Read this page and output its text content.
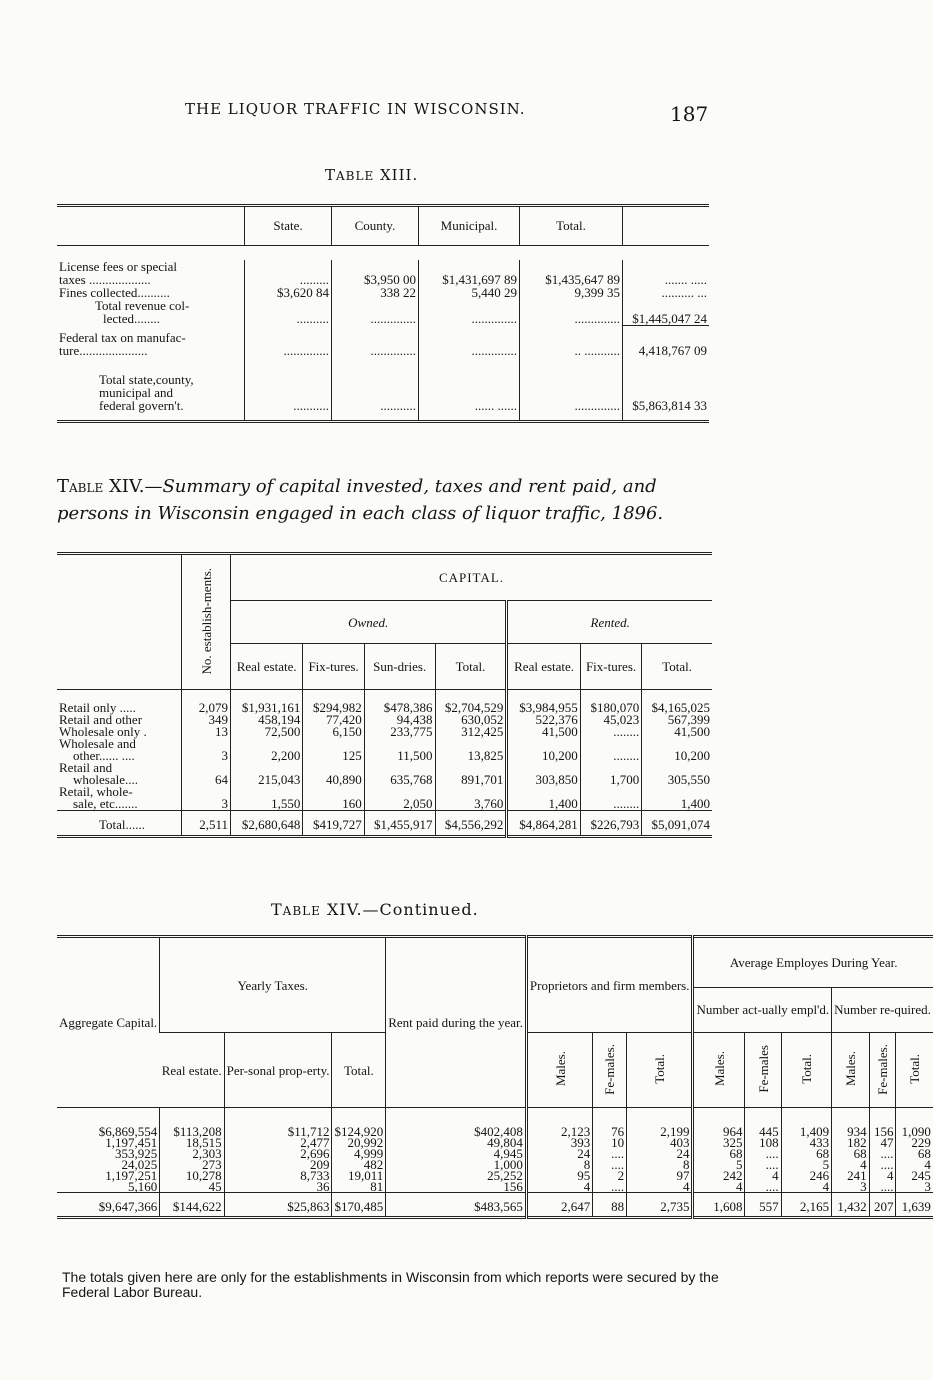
THE LIQUOR TRAFFIC IN WISCONSIN.	187
TABLE XIII.
	State.	County.	Municipal.	Total.	

License fees or special
taxes ...................	.........	$3,950 00	$1,431,697 89	$1,435,647 89	....... .....
Fines collected..........	$3,620 84	338 22	5,440 29	9,399 35	.......... ...

Total revenue col-
lected........	..........	..............	..............	..............	$1,445,047 24

Federal tax on manufac-
ture.....................	..............	..............	..............	.. ...........	4,418,767 09

Total state,county,
municipal and
federal govern't.	...........	...........	...... ......	..............	$5,863,814 33
TABLE XIV.—Summary of capital invested, taxes and rent paid, and persons in Wisconsin engaged in each class of liquor traffic, 1896.
	No. establish-ments.	CAPITAL.						
		Owned.				Rented.		
		Real estate.	Fix-tures.	Sun-dries.	Total.	Real estate.	Fix-tures.	Total.

Retail only .....	2,079	$1,931,161	$294,982	$478,386	$2,704,529	$3,984,955	$180,070	$4,165,025
Retail and other	349	458,194	77,420	94,438	630,052	522,376	45,023	567,399
Wholesale only .	13	72,500	6,150	233,775	312,425	41,500	........	41,500

Wholesale and
other...... ....	3	2,200	125	11,500	13,825	10,200	........	10,200

Retail and
wholesale....	64	215,043	40,890	635,768	891,701	303,850	1,700	305,550

Retail, whole-
sale, etc.......	3	1,550	160	2,050	3,760	1,400	........	1,400
Total......	2,511	$2,680,648	$419,727	$1,455,917	$4,556,292	$4,864,281	$226,793	$5,091,074
TABLE XIV.—Continued.
Aggregate Capital.	Yearly Taxes.			Rent paid during the year.	Proprietors and firm members.			Average Employes During Year.					
								Number act-ually empl'd.			Number re-quired.		
	Real estate.	Per-sonal prop-erty.	Total.		Males.	Fe-males.	Total.	Males.	Fe-males	Total.	Males.	Fe-males.	Total.

$6,869,554	$113,208	$11,712	$124,920	$402,408	2,123	76	2,199	964	445	1,409	934	156	1,090
1,197,451	18,515	2,477	20,992	49,804	393	10	403	325	108	433	182	47	229
353,925	2,303	2,696	4,999	4,945	24	....	24	68	....	68	68	....	68
24,025	273	209	482	1,000	8	....	8	5	....	5	4	....	4
1,197,251	10,278	8,733	19,011	25,252	95	2	97	242	4	246	241	4	245
5,160	45	36	81	156	4	....	4	4	....	4	3	....	3
$9,647,366	$144,622	$25,863	$170,485	$483,565	2,647	88	2,735	1,608	557	2,165	1,432	207	1,639
The totals given here are only for the establishments in Wisconsin from which reports were secured by the Federal Labor Bureau.
